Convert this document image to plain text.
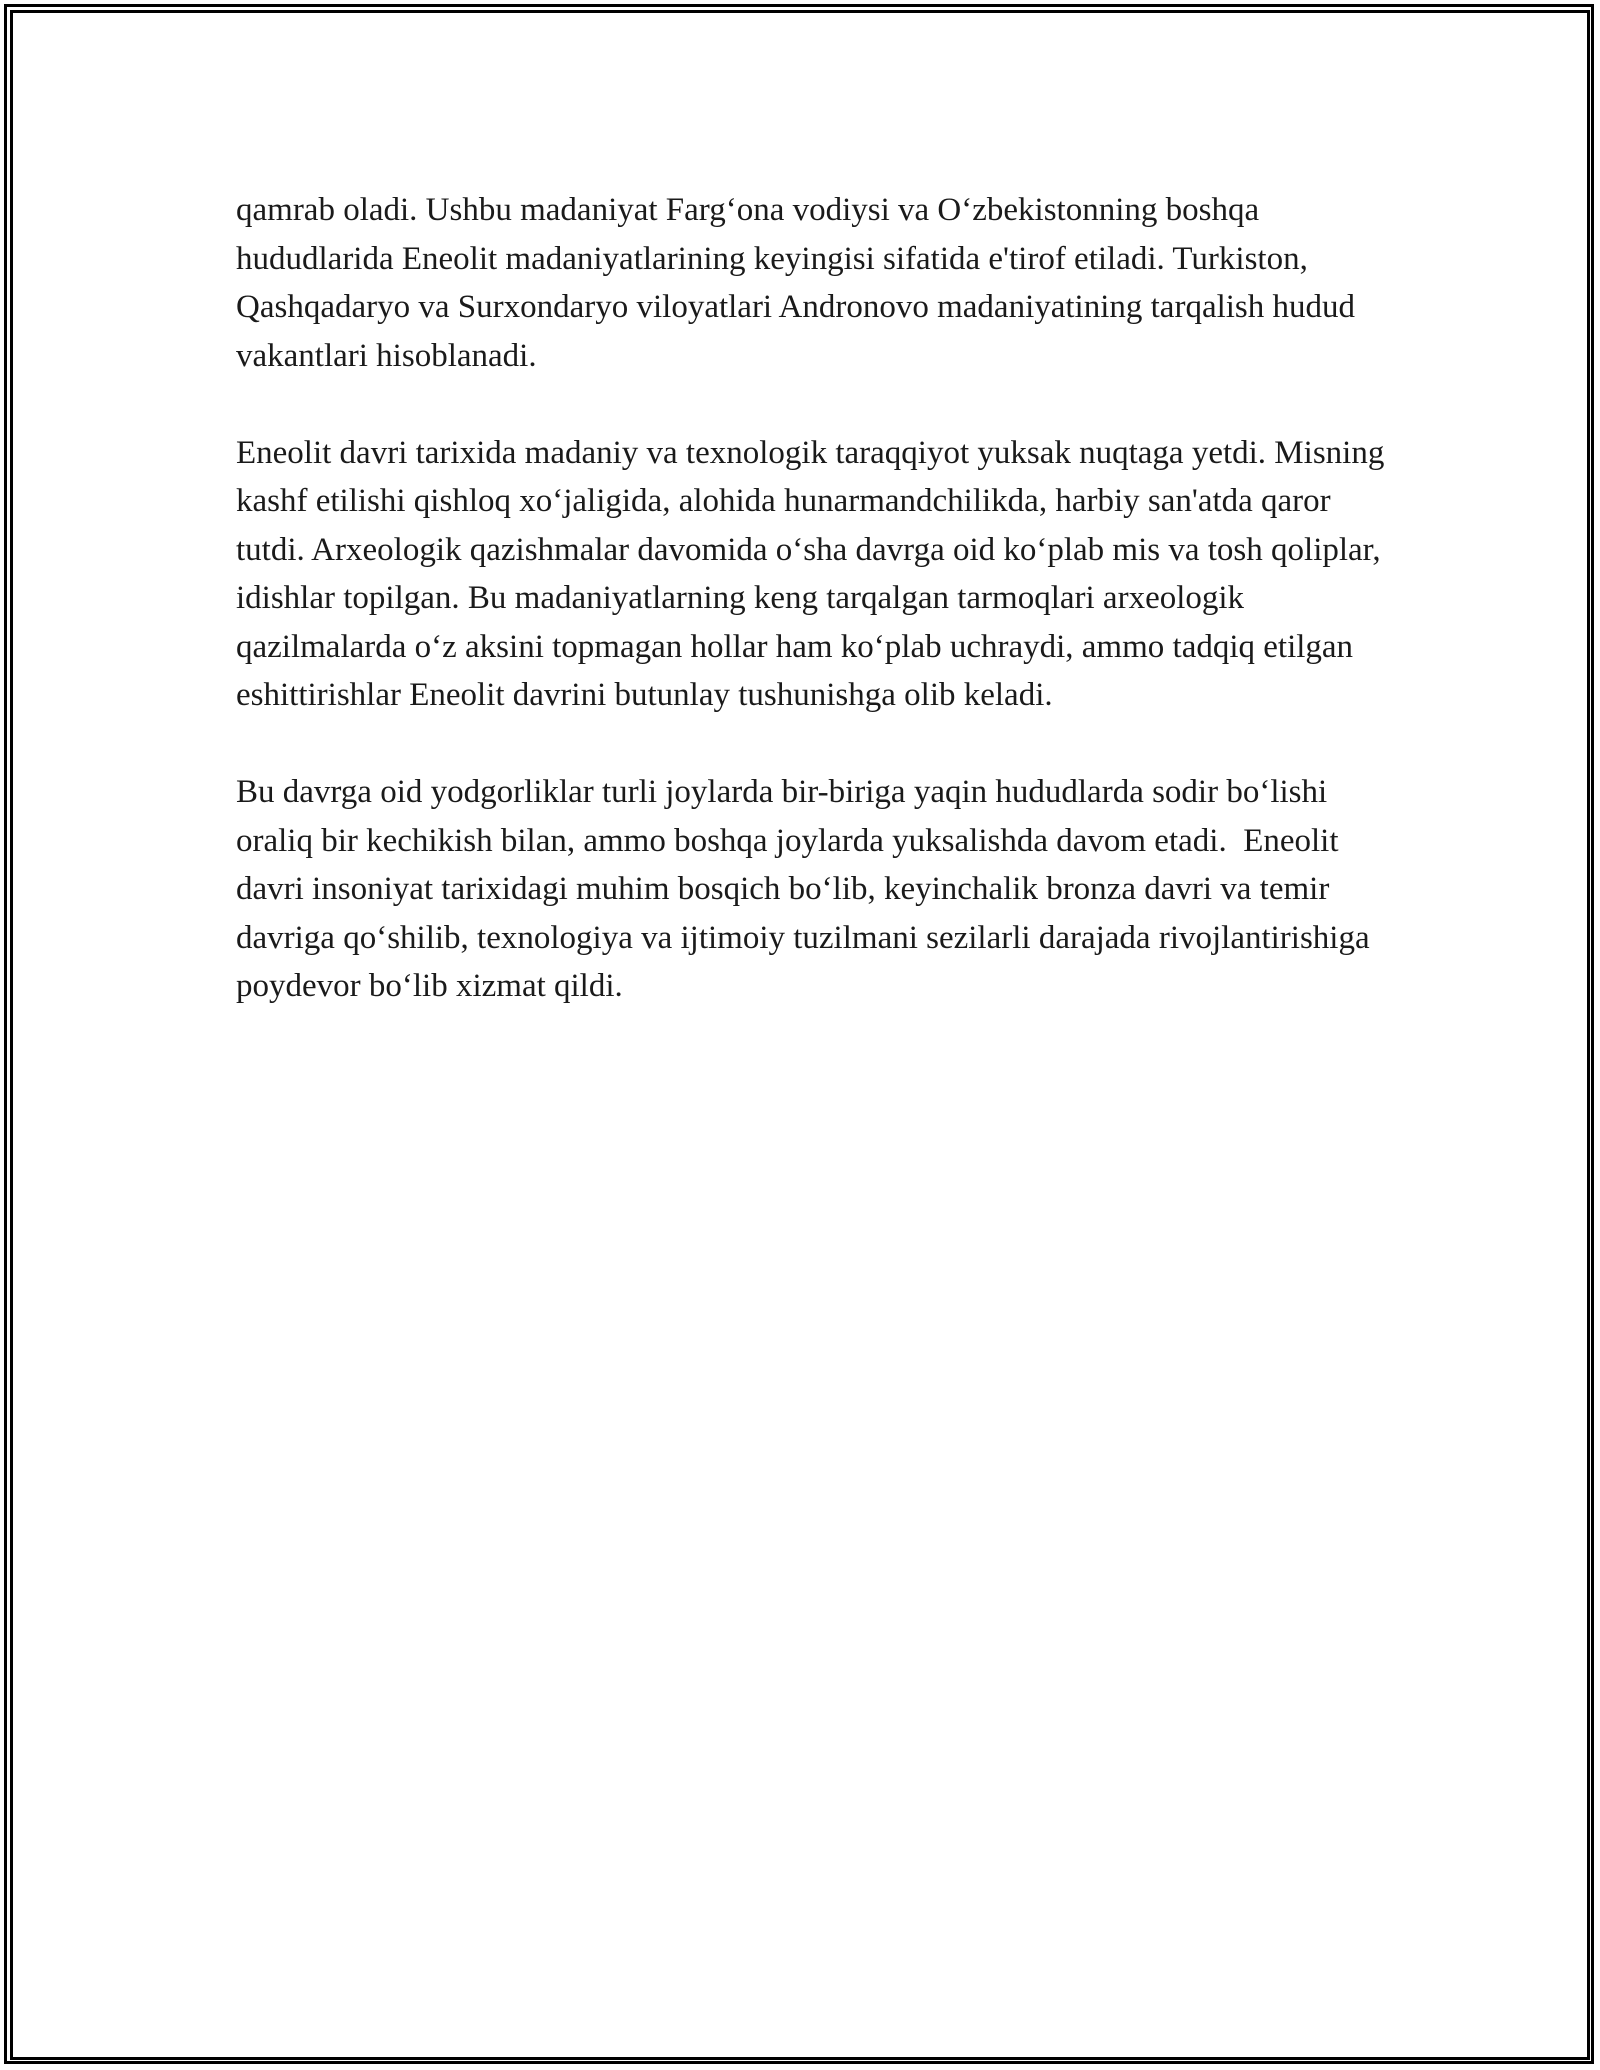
qamrab oladi. Ushbu madaniyat Farg‘ona vodiysi va O‘zbekistonning boshqa hududlarida Eneolit madaniyatlarining keyingisi sifatida e'tirof etiladi. Turkiston, Qashqadaryo va Surxondaryo viloyatlari Andronovo madaniyatining tarqalish hudud vakantlari hisoblanadi.

Eneolit davri tarixida madaniy va texnologik taraqqiyot yuksak nuqtaga yetdi. Misning kashf etilishi qishloq xo‘jaligida, alohida hunarmandchilikda, harbiy san'atda qaror tutdi. Arxeologik qazishmalar davomida o‘sha davrga oid ko‘plab mis va tosh qoliplar, idishlar topilgan. Bu madaniyatlarning keng tarqalgan tarmoqlari arxeologik qazilmalarda o‘z aksini topmagan hollar ham ko‘plab uchraydi, ammo tadqiq etilgan eshittirishlar Eneolit davrini butunlay tushunishga olib keladi.

Bu davrga oid yodgorliklar turli joylarda bir-biriga yaqin hududlarda sodir bo‘lishi oraliq bir kechikish bilan, ammo boshqa joylarda yuksalishda davom etadi.  Eneolit davri insoniyat tarixidagi muhim bosqich bo‘lib, keyinchalik bronza davri va temir davriga qo‘shilib, texnologiya va ijtimoiy tuzilmani sezilarli darajada rivojlantirishiga poydevor bo‘lib xizmat qildi.
